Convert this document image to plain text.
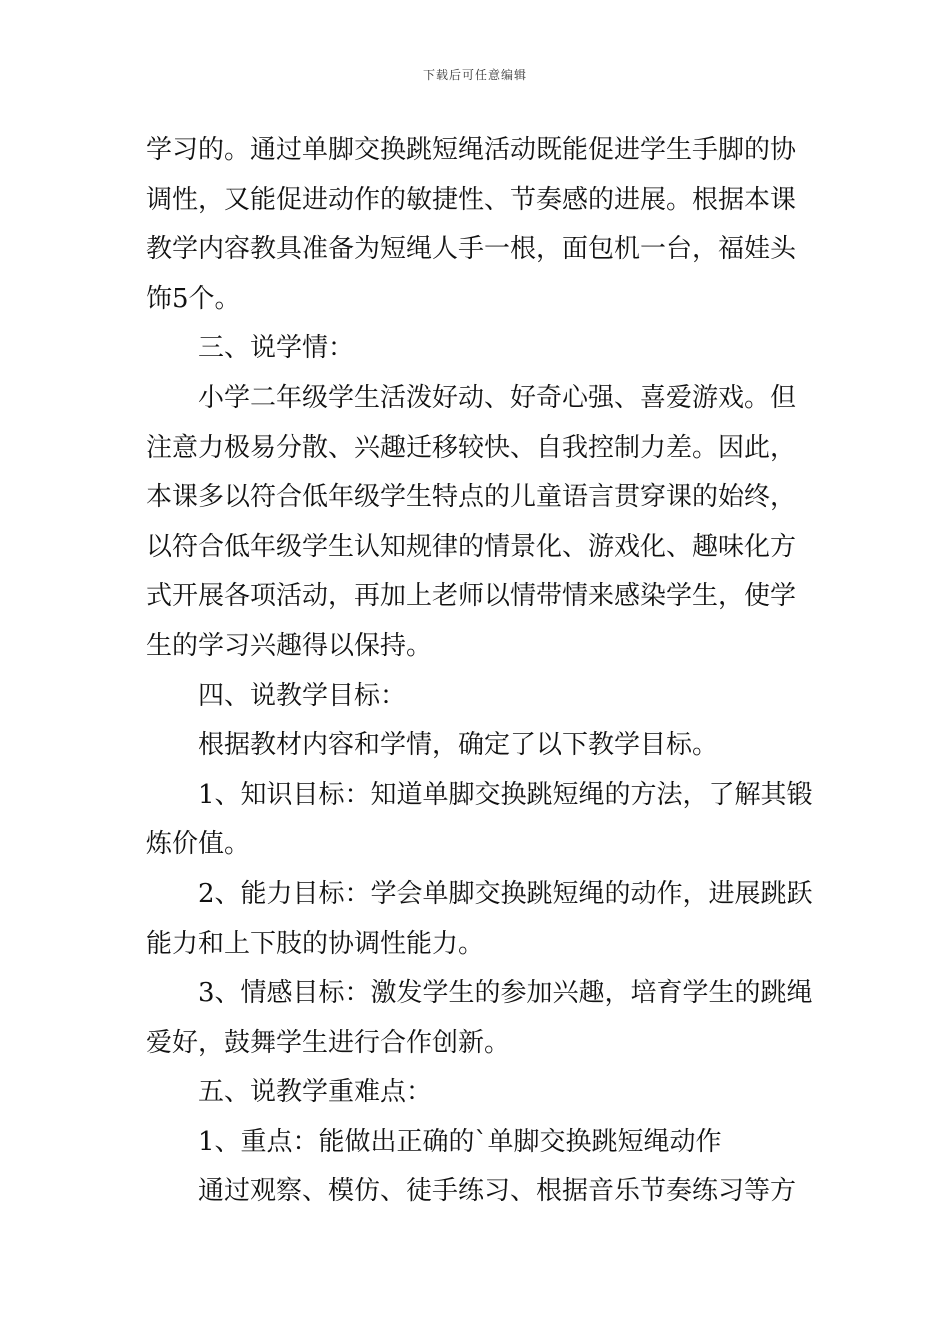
下载后可任意编辑
学习的。通过单脚交换跳短绳活动既能促进学生手脚的协
调性，又能促进动作的敏捷性、节奏感的进展。根据本课
教学内容教具准备为短绳人手一根，面包机一台，福娃头
饰5个。
三、说学情：
小学二年级学生活泼好动、好奇心强、喜爱游戏。但
注意力极易分散、兴趣迁移较快、自我控制力差。因此，
本课多以符合低年级学生特点的儿童语言贯穿课的始终，
以符合低年级学生认知规律的情景化、游戏化、趣味化方
式开展各项活动，再加上老师以情带情来感染学生，使学
生的学习兴趣得以保持。
四、说教学目标：
根据教材内容和学情，确定了以下教学目标。
1、知识目标：知道单脚交换跳短绳的方法，了解其锻
炼价值。
2、能力目标：学会单脚交换跳短绳的动作，进展跳跃
能力和上下肢的协调性能力。
3、情感目标：激发学生的参加兴趣，培育学生的跳绳
爱好，鼓舞学生进行合作创新。
五、说教学重难点：
1、重点：能做出正确的`单脚交换跳短绳动作
通过观察、模仿、徒手练习、根据音乐节奏练习等方
